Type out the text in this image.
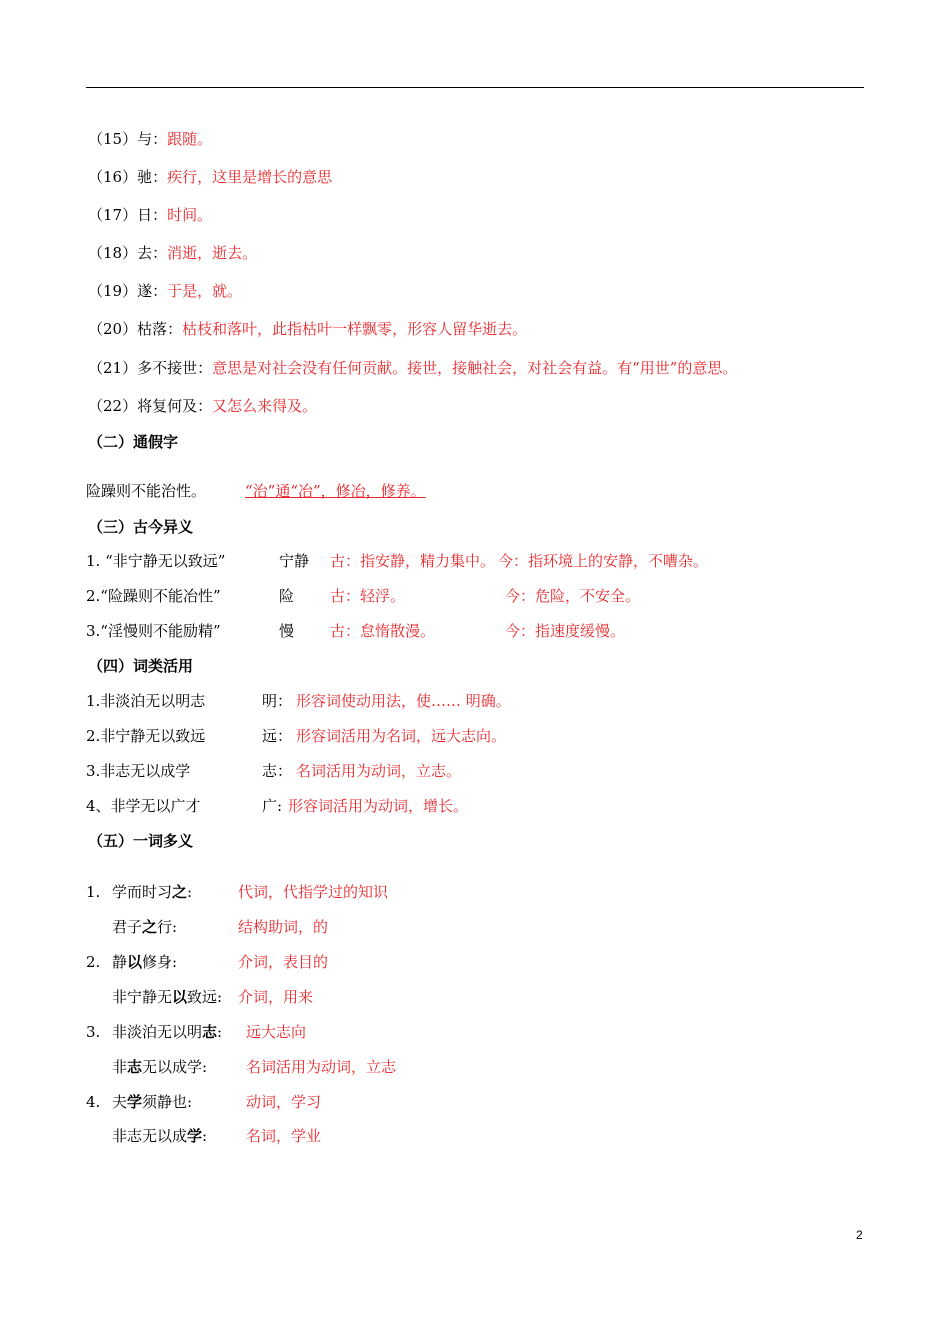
（15）与：跟随。
（16）驰：疾行，这里是增长的意思
（17）日：时间。
（18）去：消逝，逝去。
（19）遂：于是，就。
（20）枯落：枯枝和落叶，此指枯叶一样飘零，形容人留华逝去。
（21）多不接世：意思是对社会没有任何贡献。接世，接触社会，对社会有益。有“用世”的意思。
（22）将复何及：又怎么来得及。
（二）通假字
险躁则不能治性。	“治”通“冶”，修冶，修养。
（三）古今异义
1. “非宁静无以致远”	宁静 古：指安静，精力集中。 今：指环境上的安静，不嘈杂。
2.“险躁则不能冶性”	险 古：轻浮。	今：危险，不安全。
3.“淫慢则不能励精”	慢 古：怠惰散漫。	今：指速度缓慢。
（四）词类活用
1.非淡泊无以明志	明： 形容词使动用法，使…… 明确。
2.非宁静无以致远	远： 形容词活用为名词，远大志向。
3.非志无以成学	志： 名词活用为动词，立志。
4、非学无以广才	广: 形容词活用为动词，增长。
（五）一词多义
1. 学而时习之:	代词，代指学过的知识
君子之行:	结构助词，的
2. 静以修身:	介词，表目的
非宁静无以致远: 介词，用来
3. 非淡泊无以明志: 远大志向
非志无以成学:	名词活用为动词，立志
4. 夫学须静也:	动词，学习
非志无以成学:	名词，学业
2
